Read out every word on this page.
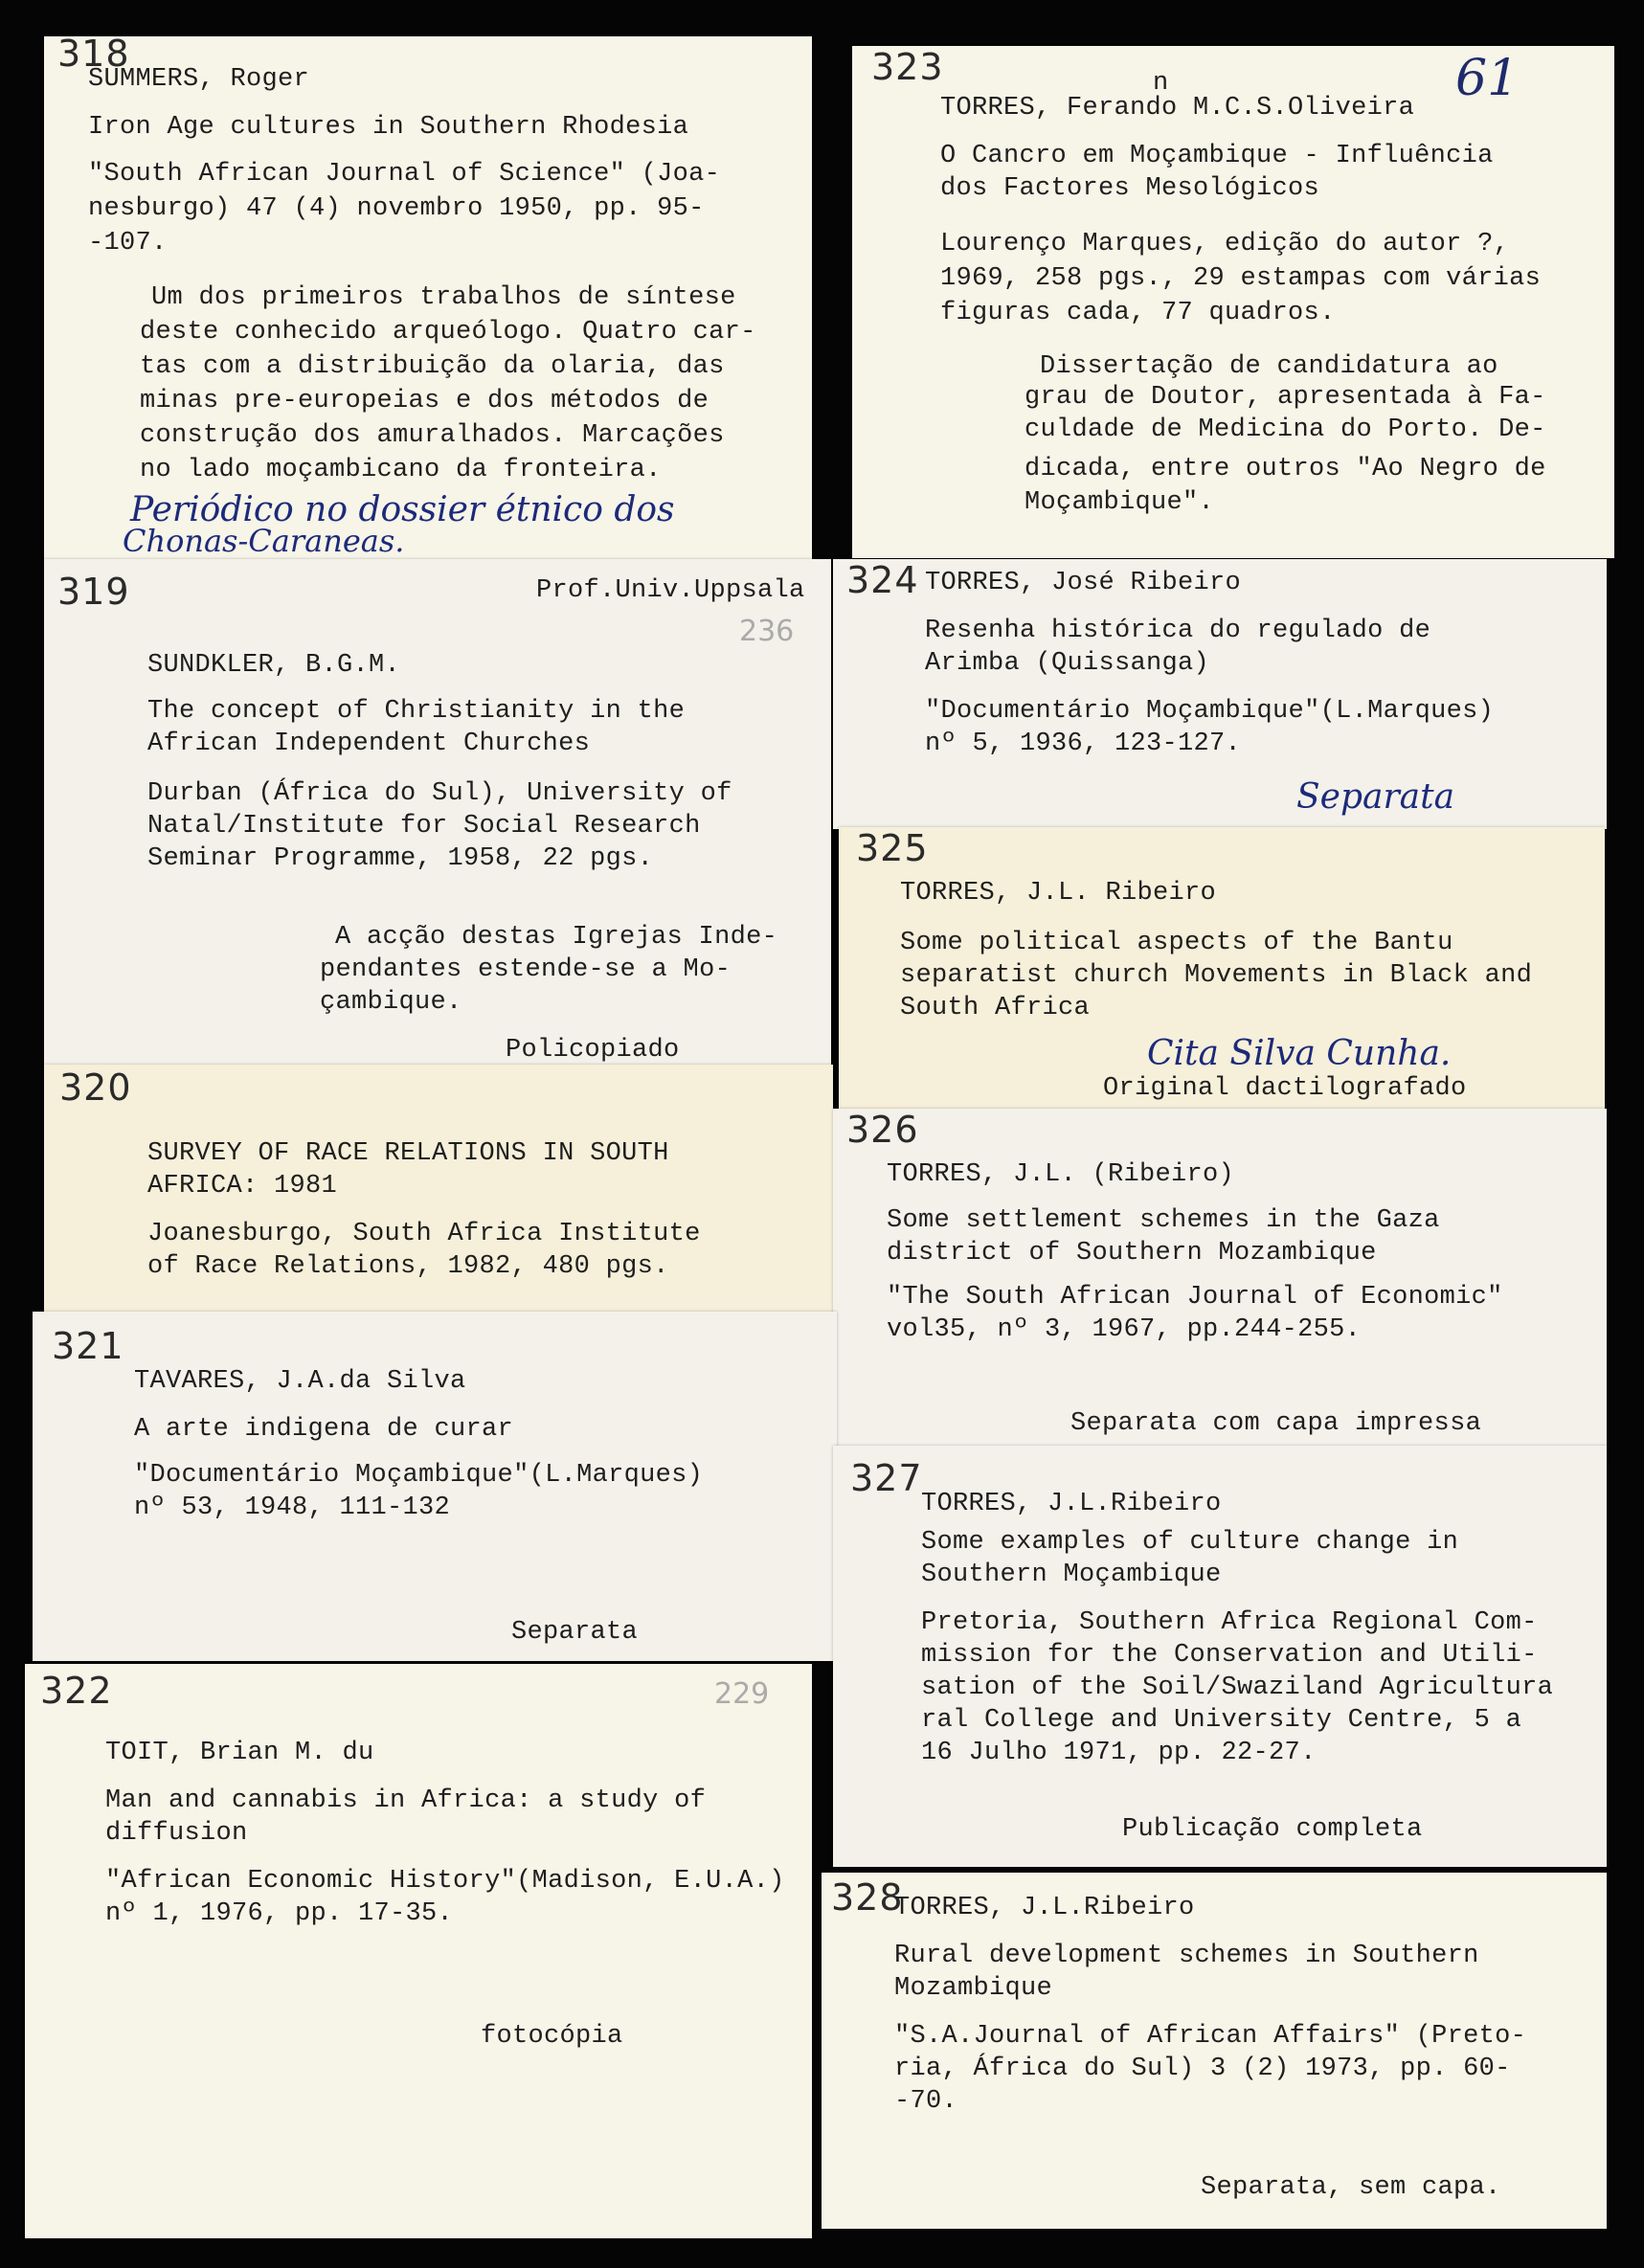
318
SUMMERS, Roger
Iron Age cultures in Southern Rhodesia
"South African Journal of Science" (Joa-
nesburgo) 47 (4) novembro 1950, pp. 95-
-107.
Um dos primeiros trabalhos de síntese
deste conhecido arqueólogo. Quatro car-
tas com a distribuição da olaria, das
minas pre-europeias e dos métodos de
construção dos amuralhados. Marcações
no lado moçambicano da fronteira.
Periódico no dossier étnico dos
Chonas-Caraneas.
323	n	61
TORRES, Ferando M.C.S.Oliveira
O Cancro em Moçambique - Influência
dos Factores Mesológicos
Lourenço Marques, edição do autor ?,
1969, 258 pgs., 29 estampas com várias
figuras cada, 77 quadros.
Dissertação de candidatura ao
grau de Doutor, apresentada à Fa-
culdade de Medicina do Porto. De-
dicada, entre outros "Ao Negro de
Moçambique".
319	Prof.Univ.Uppsala
236
SUNDKLER, B.G.M.
The concept of Christianity in the
African Independent Churches
Durban (África do Sul), University of
Natal/Institute for Social Research
Seminar Programme, 1958, 22 pgs.
A acção destas Igrejas Inde-
pendantes estende-se a Mo-
çambique.
Policopiado
324 TORRES, José Ribeiro
Resenha histórica do regulado de
Arimba (Quissanga)
"Documentário Moçambique"(L.Marques)
nº 5, 1936, 123-127.
Separata
325
TORRES, J.L. Ribeiro
Some political aspects of the Bantu
separatist church Movements in Black and
South Africa
Cita Silva Cunha.
Original dactilografado
320
SURVEY OF RACE RELATIONS IN SOUTH
AFRICA: 1981
Joanesburgo, South Africa Institute
of Race Relations, 1982, 480 pgs.
326
TORRES, J.L. (Ribeiro)
Some settlement schemes in the Gaza
district of Southern Mozambique
"The South African Journal of Economic"
vol35, nº 3, 1967, pp.244-255.
Separata com capa impressa
321
TAVARES, J.A.da Silva
A arte indigena de curar
"Documentário Moçambique"(L.Marques)
nº 53, 1948, 111-132
Separata
327
TORRES, J.L.Ribeiro
Some examples of culture change in
Southern Moçambique
Pretoria, Southern Africa Regional Com-
mission for the Conservation and Utili-
sation of the Soil/Swaziland Agricultura
ral College and University Centre, 5 a
16 Julho 1971, pp. 22-27.
Publicação completa
322	229
TOIT, Brian M. du
Man and cannabis in Africa: a study of
diffusion
"African Economic History"(Madison, E.U.A.)
nº 1, 1976, pp. 17-35.
fotocópia
328
TORRES, J.L.Ribeiro
Rural development schemes in Southern
Mozambique
"S.A.Journal of African Affairs" (Preto-
ria, África do Sul) 3 (2) 1973, pp. 60-
-70.
Separata, sem capa.
